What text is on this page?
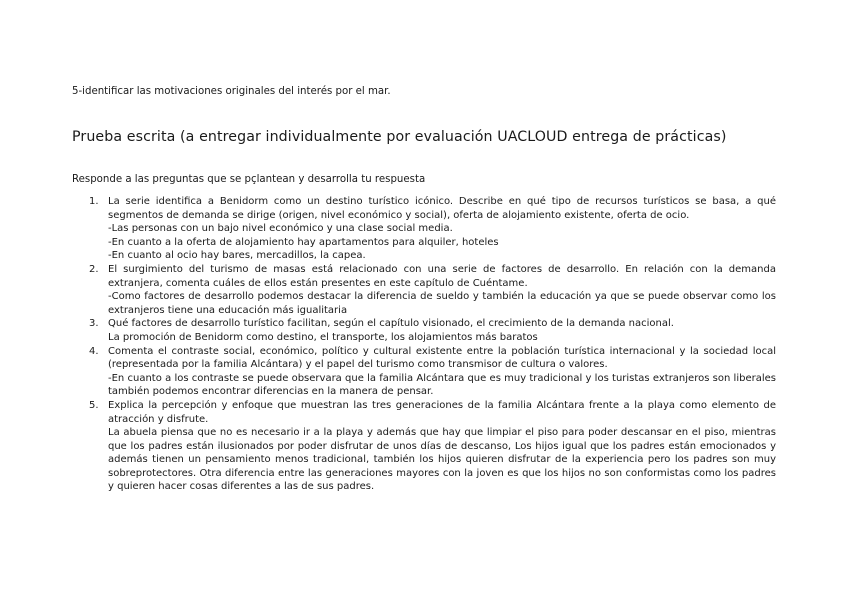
5-identificar las motivaciones originales del interés por el mar.
Prueba escrita (a entregar individualmente por evaluación UACLOUD entrega de prácticas)
Responde a las preguntas que se pçlantean y desarrolla tu respuesta
1. La serie identifica a Benidorm como un destino turístico icónico. Describe en qué tipo de recursos turísticos se basa, a qué segmentos de demanda se dirige (origen, nivel económico y social), oferta de alojamiento existente, oferta de ocio.
-Las personas con un bajo nivel económico y una clase social media.
-En cuanto a la oferta de alojamiento hay apartamentos para alquiler, hoteles
-En cuanto al ocio hay bares, mercadillos, la capea.
2. El surgimiento del turismo de masas está relacionado con una serie de factores de desarrollo. En relación con la demanda extranjera, comenta cuáles de ellos están presentes en este capítulo de Cuéntame.
-Como factores de desarrollo podemos destacar la diferencia de sueldo y también la educación ya que se puede observar como los extranjeros tiene una educación más igualitaria
3. Qué factores de desarrollo turístico facilitan, según el capítulo visionado, el crecimiento de la demanda nacional.
La promoción de Benidorm como destino, el transporte, los alojamientos más baratos
4. Comenta el contraste social, económico, político y cultural existente entre la población turística internacional y la sociedad local (representada por la familia Alcántara) y el papel del turismo como transmisor de cultura o valores.
-En cuanto a los contraste se puede observara que la familia Alcántara que es muy tradicional y los turistas extranjeros son liberales también podemos encontrar diferencias en la manera de pensar.
5. Explica la percepción y enfoque que muestran las tres generaciones de la familia Alcántara frente a la playa como elemento de atracción y disfrute.
La abuela piensa que no es necesario ir a la playa y además que hay que limpiar el piso para poder descansar en el piso, mientras que los padres están ilusionados por poder disfrutar de unos días de descanso, Los hijos igual que los padres están emocionados y además tienen un pensamiento menos tradicional, también los hijos quieren disfrutar de la experiencia pero los padres son muy sobreprotectores. Otra diferencia entre las generaciones mayores con la joven es que los hijos no son conformistas como los padres y quieren hacer cosas diferentes a las de sus padres.
